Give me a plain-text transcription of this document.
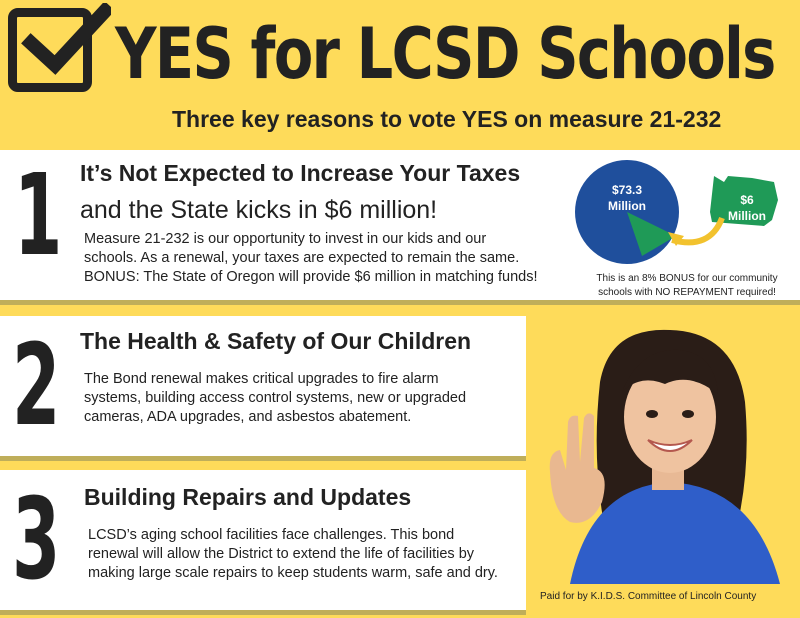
YES for LCSD Schools
Three key reasons to vote YES on measure 21-232
1 It’s Not Expected to Increase Your Taxes
and the State kicks in $6 million!
Measure 21-232 is our opportunity to invest in our kids and our
schools. As a renewal, your taxes are expected to remain the same.
BONUS: The State of Oregon will provide $6 million in matching funds!
$73.3
Million	$6
Million
This is an 8% BONUS for our community
schools with NO REPAYMENT required!
2 The Health & Safety of Our Children
The Bond renewal makes critical upgrades to fire alarm
systems, building access control systems, new or upgraded
cameras, ADA upgrades, and asbestos abatement.
3 Building Repairs and Updates
LCSD’s aging school facilities face challenges. This bond
renewal will allow the District to extend the life of facilities by
making large scale repairs to keep students warm, safe and dry.
Paid for by K.I.D.S. Committee of Lincoln County
